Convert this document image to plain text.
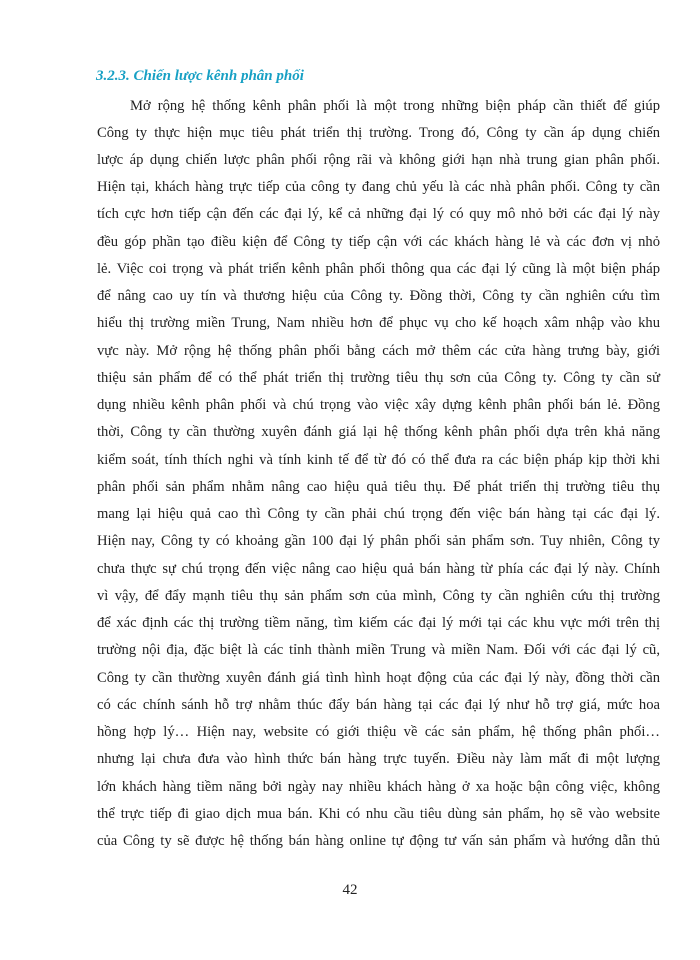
3.2.3. Chiến lược kênh phân phối

Mở rộng hệ thống kênh phân phối là một trong những biện pháp cần thiết để giúp

Công ty thực hiện mục tiêu phát triển thị trường. Trong đó, Công ty cần áp dụng chiến

lược áp dụng chiến lược phân phối rộng rãi và không giới hạn nhà trung gian phân phối.

Hiện tại, khách hàng trực tiếp của công ty đang chủ yếu là các nhà phân phối. Công ty cần

tích cực hơn tiếp cận đến các đại lý, kể cả những đại lý có quy mô nhỏ bởi các đại lý này

đều góp phần tạo điều kiện để Công ty tiếp cận với các khách hàng lẻ và các đơn vị nhỏ

lẻ. Việc coi trọng và phát triển kênh phân phối thông qua các đại lý cũng là một biện pháp

để nâng cao uy tín và thương hiệu của Công ty. Đồng thời, Công ty cần nghiên cứu tìm

hiểu thị trường miền Trung, Nam nhiều hơn để phục vụ cho kế hoạch xâm nhập vào khu

vực này. Mở rộng hệ thống phân phối bằng cách mở thêm các cửa hàng trưng bày, giới

thiệu sản phẩm để có thể phát triển thị trường tiêu thụ sơn của Công ty. Công ty cần sử

dụng nhiều kênh phân phối và chú trọng vào việc xây dựng kênh phân phối bán lẻ. Đồng

thời, Công ty cần thường xuyên đánh giá lại hệ thống kênh phân phối dựa trên khả năng

kiểm soát, tính thích nghi và tính kinh tế để từ đó có thể đưa ra các biện pháp kịp thời khi

phân phối sản phẩm nhằm nâng cao hiệu quả tiêu thụ. Để phát triển thị trường tiêu thụ

mang lại hiệu quả cao thì Công ty cần phải chú trọng đến việc bán hàng tại các đại lý.

Hiện nay, Công ty có khoảng gần 100 đại lý phân phối sản phẩm sơn. Tuy nhiên, Công ty

chưa thực sự chú trọng đến việc nâng cao hiệu quả bán hàng từ phía các đại lý này. Chính

vì vậy, để đẩy mạnh tiêu thụ sản phẩm sơn của mình, Công ty cần nghiên cứu thị trường

để xác định các thị trường tiềm năng, tìm kiếm các đại lý mới tại các khu vực mới trên thị

trường nội địa, đặc biệt là các tỉnh thành miền Trung và miền Nam. Đối với các đại lý cũ,

Công ty cần thường xuyên đánh giá tình hình hoạt động của các đại lý này, đồng thời cần

có các chính sánh hỗ trợ nhằm thúc đẩy bán hàng tại các đại lý như hỗ trợ giá, mức hoa

hồng hợp lý… Hiện nay, website có giới thiệu về các sản phẩm, hệ thống phân phối…

nhưng lại chưa đưa vào hình thức bán hàng trực tuyến. Điều này làm mất đi một lượng

lớn khách hàng tiềm năng bởi ngày nay nhiều khách hàng ở xa hoặc bận công việc, không

thể trực tiếp đi giao dịch mua bán. Khi có nhu cầu tiêu dùng sản phẩm, họ sẽ vào website

của Công ty sẽ được hệ thống bán hàng online tự động tư vấn sản phẩm và hướng dẫn thủ

42
